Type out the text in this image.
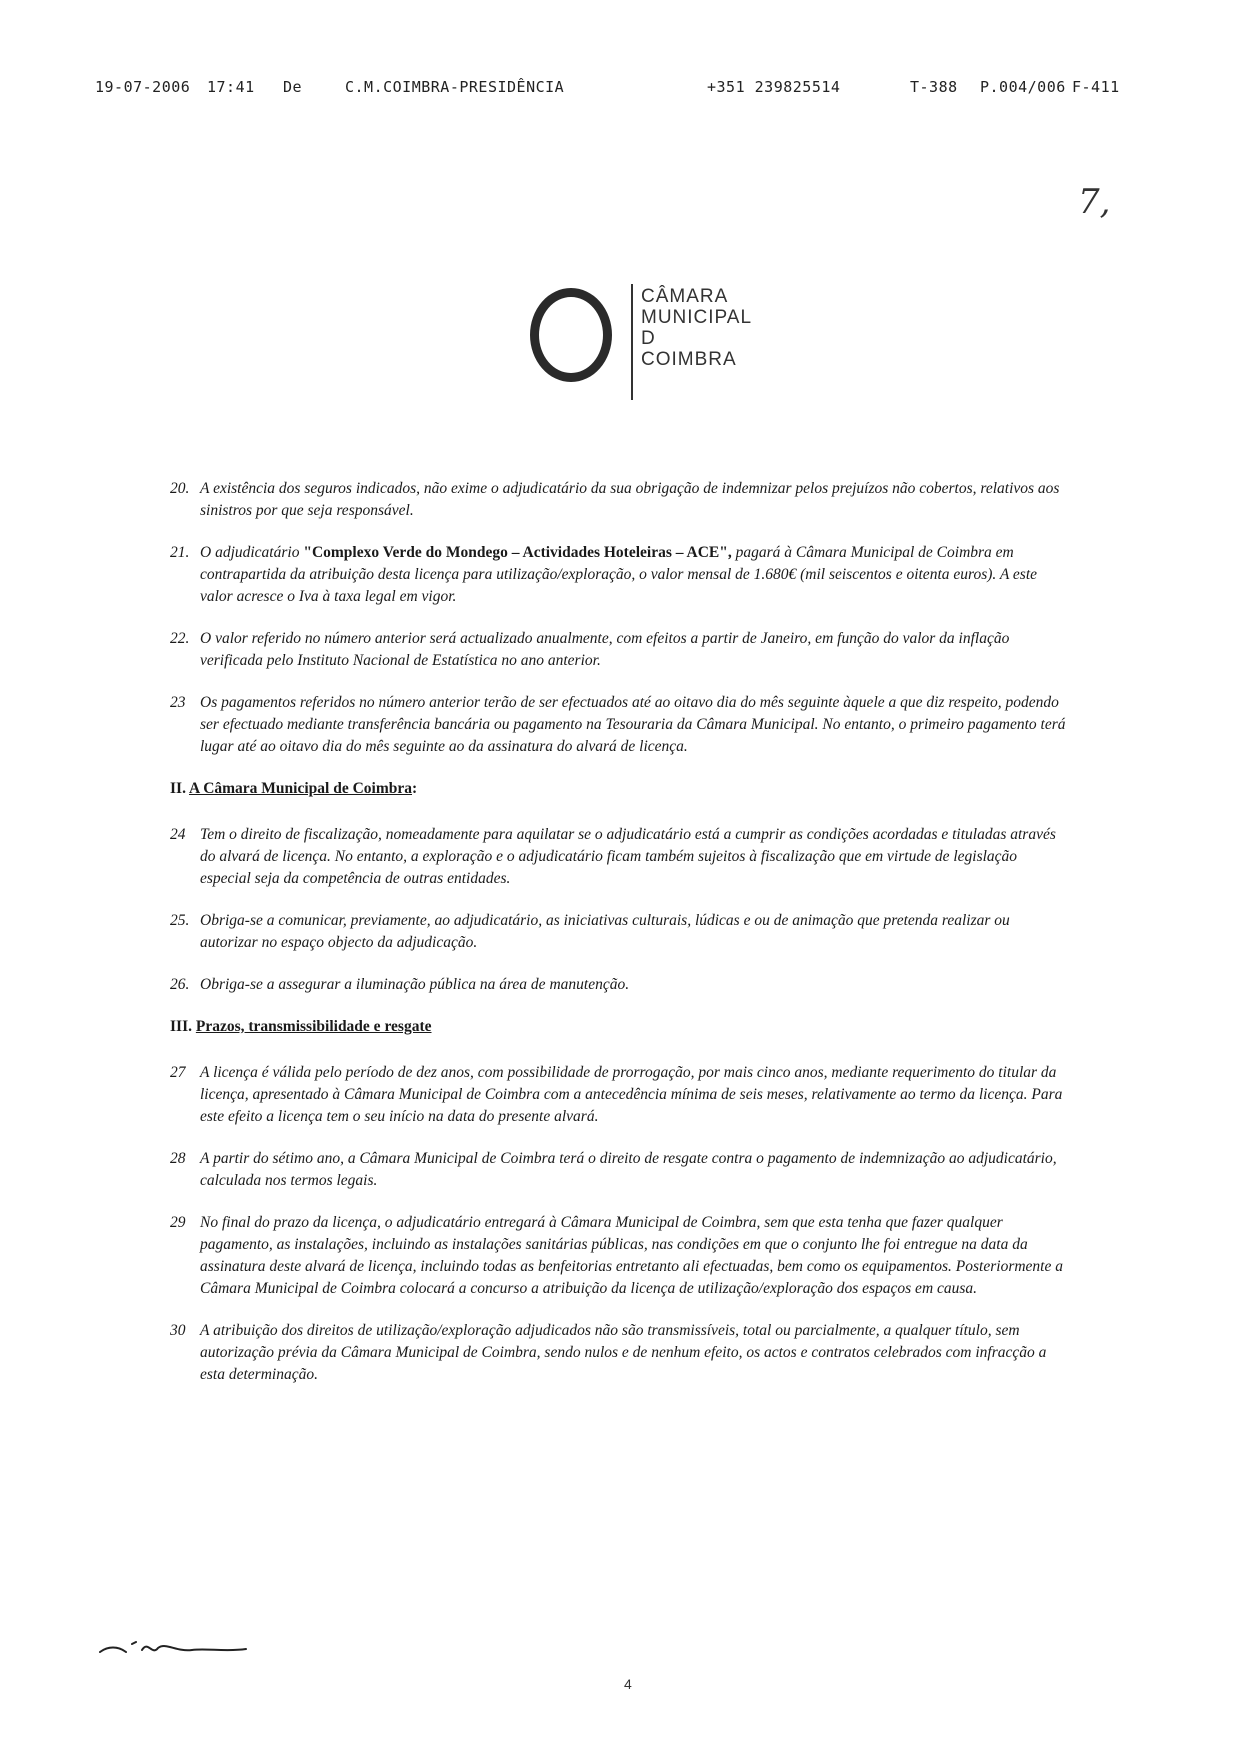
19-07-2006 17:41 De	C.M.COIMBRA-PRESIDÊNCIA	+351 239825514	T-388 P.004/006 F-411
7,
CÂMARA
MUNICIPAL
D
COIMBRA
20. A existência dos seguros indicados, não exime o adjudicatário da sua obrigação de indemnizar pelos prejuízos não cobertos, relativos aos sinistros por que seja responsável.
21. O adjudicatário "Complexo Verde do Mondego – Actividades Hoteleiras – ACE", pagará à Câmara Municipal de Coimbra em contrapartida da atribuição desta licença para utilização/exploração, o valor mensal de 1.680€ (mil seiscentos e oitenta euros). A este valor acresce o Iva à taxa legal em vigor.
22. O valor referido no número anterior será actualizado anualmente, com efeitos a partir de Janeiro, em função do valor da inflação verificada pelo Instituto Nacional de Estatística no ano anterior.
23 Os pagamentos referidos no número anterior terão de ser efectuados até ao oitavo dia do mês seguinte àquele a que diz respeito, podendo ser efectuado mediante transferência bancária ou pagamento na Tesouraria da Câmara Municipal. No entanto, o primeiro pagamento terá lugar até ao oitavo dia do mês seguinte ao da assinatura do alvará de licença.
II. A Câmara Municipal de Coimbra:
24 Tem o direito de fiscalização, nomeadamente para aquilatar se o adjudicatário está a cumprir as condições acordadas e tituladas através do alvará de licença. No entanto, a exploração e o adjudicatário ficam também sujeitos à fiscalização que em virtude de legislação especial seja da competência de outras entidades.
25. Obriga-se a comunicar, previamente, ao adjudicatário, as iniciativas culturais, lúdicas e ou de animação que pretenda realizar ou autorizar no espaço objecto da adjudicação.
26. Obriga-se a assegurar a iluminação pública na área de manutenção.
III. Prazos, transmissibilidade e resgate
27 A licença é válida pelo período de dez anos, com possibilidade de prorrogação, por mais cinco anos, mediante requerimento do titular da licença, apresentado à Câmara Municipal de Coimbra com a antecedência mínima de seis meses, relativamente ao termo da licença. Para este efeito a licença tem o seu início na data do presente alvará.
28 A partir do sétimo ano, a Câmara Municipal de Coimbra terá o direito de resgate contra o pagamento de indemnização ao adjudicatário, calculada nos termos legais.
29 No final do prazo da licença, o adjudicatário entregará à Câmara Municipal de Coimbra, sem que esta tenha que fazer qualquer pagamento, as instalações, incluindo as instalações sanitárias públicas, nas condições em que o conjunto lhe foi entregue na data da assinatura deste alvará de licença, incluindo todas as benfeitorias entretanto ali efectuadas, bem como os equipamentos. Posteriormente a Câmara Municipal de Coimbra colocará a concurso a atribuição da licença de utilização/exploração dos espaços em causa.
30 A atribuição dos direitos de utilização/exploração adjudicados não são transmissíveis, total ou parcialmente, a qualquer título, sem autorização prévia da Câmara Municipal de Coimbra, sendo nulos e de nenhum efeito, os actos e contratos celebrados com infracção a esta determinação.
4
